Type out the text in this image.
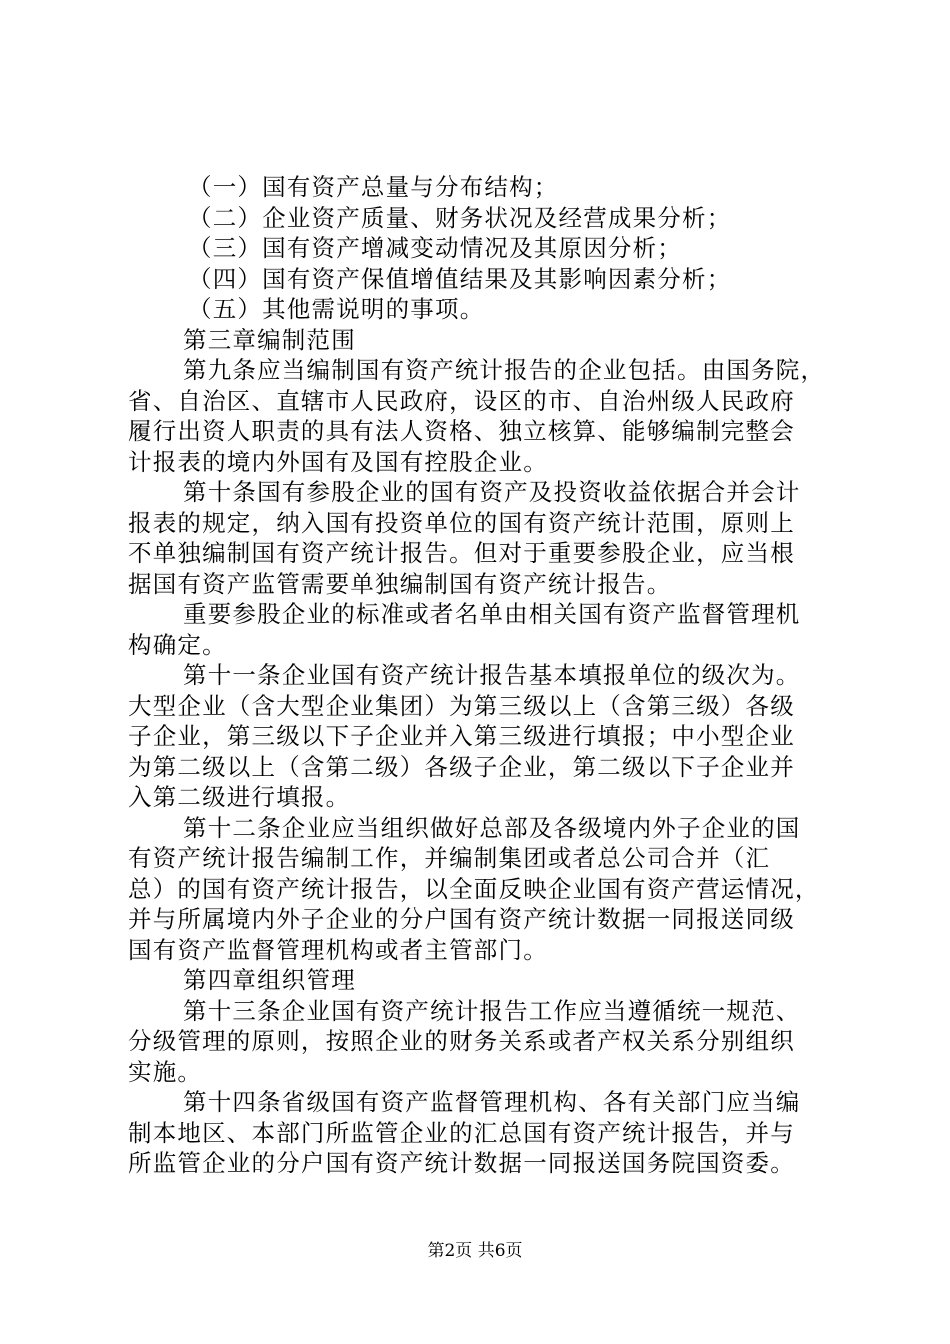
（一）国有资产总量与分布结构；
（二）企业资产质量、财务状况及经营成果分析；
（三）国有资产增减变动情况及其原因分析；
（四）国有资产保值增值结果及其影响因素分析；
（五）其他需说明的事项。
第三章编制范围
第九条应当编制国有资产统计报告的企业包括。由国务院，
省、自治区、直辖市人民政府，设区的市、自治州级人民政府
履行出资人职责的具有法人资格、独立核算、能够编制完整会
计报表的境内外国有及国有控股企业。
第十条国有参股企业的国有资产及投资收益依据合并会计
报表的规定，纳入国有投资单位的国有资产统计范围，原则上
不单独编制国有资产统计报告。但对于重要参股企业，应当根
据国有资产监管需要单独编制国有资产统计报告。
重要参股企业的标准或者名单由相关国有资产监督管理机
构确定。
第十一条企业国有资产统计报告基本填报单位的级次为。
大型企业（含大型企业集团）为第三级以上（含第三级）各级
子企业，第三级以下子企业并入第三级进行填报；中小型企业
为第二级以上（含第二级）各级子企业，第二级以下子企业并
入第二级进行填报。
第十二条企业应当组织做好总部及各级境内外子企业的国
有资产统计报告编制工作，并编制集团或者总公司合并（汇
总）的国有资产统计报告，以全面反映企业国有资产营运情况，
并与所属境内外子企业的分户国有资产统计数据一同报送同级
国有资产监督管理机构或者主管部门。
第四章组织管理
第十三条企业国有资产统计报告工作应当遵循统一规范、
分级管理的原则，按照企业的财务关系或者产权关系分别组织
实施。
第十四条省级国有资产监督管理机构、各有关部门应当编
制本地区、本部门所监管企业的汇总国有资产统计报告，并与
所监管企业的分户国有资产统计数据一同报送国务院国资委。
第2页 共6页
